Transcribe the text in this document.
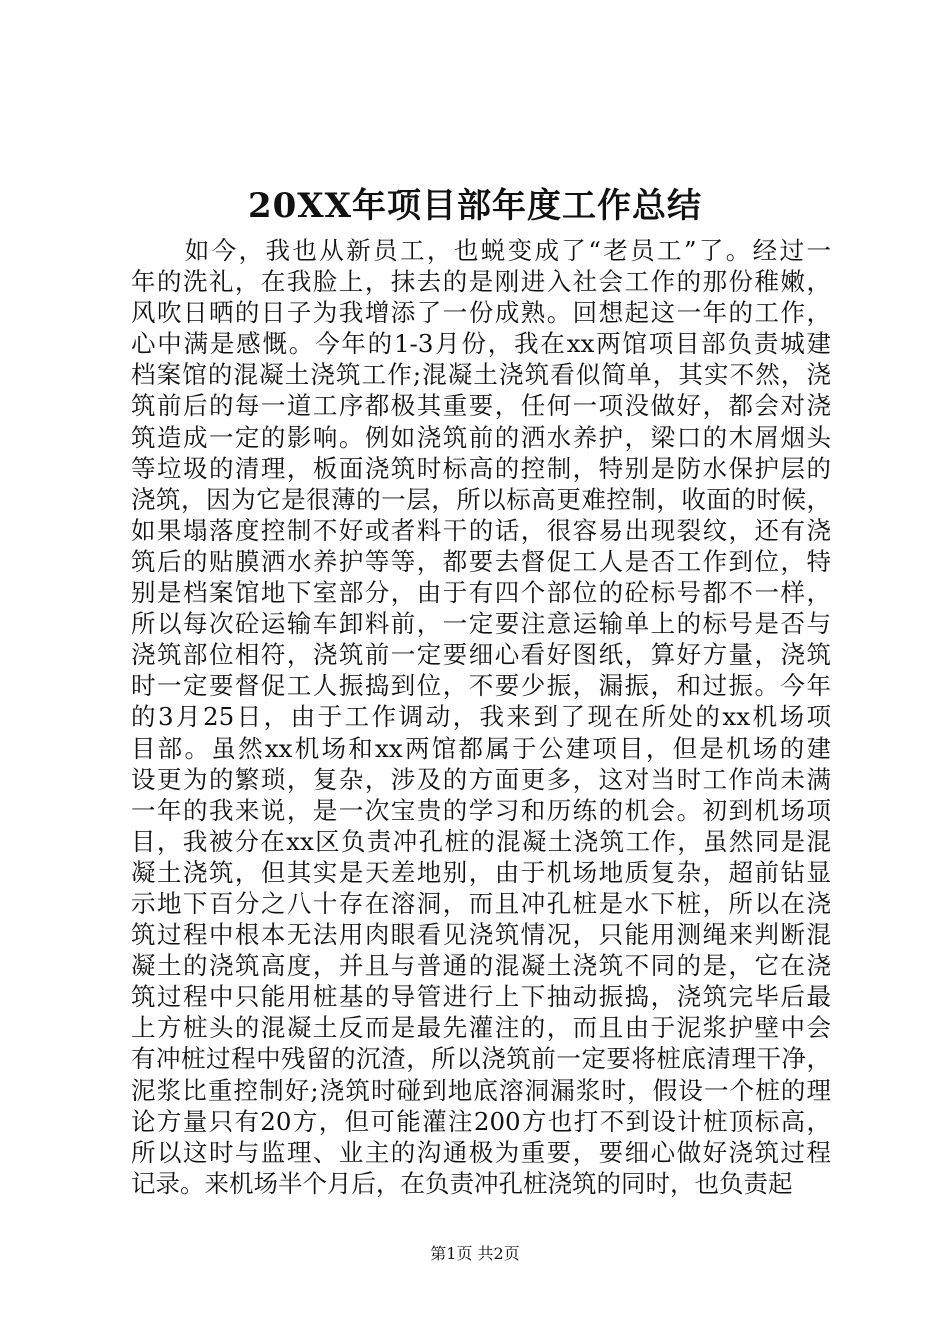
20XX年项目部年度工作总结
　　如今，我也从新员工，也蜕变成了“老员工”了。经过一
年的洗礼，在我脸上，抹去的是刚进入社会工作的那份稚嫩，
风吹日晒的日子为我增添了一份成熟。回想起这一年的工作，
心中满是感慨。今年的1-3月份，我在xx两馆项目部负责城建
档案馆的混凝土浇筑工作;混凝土浇筑看似简单，其实不然，浇
筑前后的每一道工序都极其重要，任何一项没做好，都会对浇
筑造成一定的影响。例如浇筑前的洒水养护，梁口的木屑烟头
等垃圾的清理，板面浇筑时标高的控制，特别是防水保护层的
浇筑，因为它是很薄的一层，所以标高更难控制，收面的时候，
如果塌落度控制不好或者料干的话，很容易出现裂纹，还有浇
筑后的贴膜洒水养护等等，都要去督促工人是否工作到位，特
别是档案馆地下室部分，由于有四个部位的砼标号都不一样，
所以每次砼运输车卸料前，一定要注意运输单上的标号是否与
浇筑部位相符，浇筑前一定要细心看好图纸，算好方量，浇筑
时一定要督促工人振捣到位，不要少振，漏振，和过振。今年
的3月25日，由于工作调动，我来到了现在所处的xx机场项
目部。虽然xx机场和xx两馆都属于公建项目，但是机场的建
设更为的繁琐，复杂，涉及的方面更多，这对当时工作尚未满
一年的我来说，是一次宝贵的学习和历练的机会。初到机场项
目，我被分在xx区负责冲孔桩的混凝土浇筑工作，虽然同是混
凝土浇筑，但其实是天差地别，由于机场地质复杂，超前钻显
示地下百分之八十存在溶洞，而且冲孔桩是水下桩，所以在浇
筑过程中根本无法用肉眼看见浇筑情况，只能用测绳来判断混
凝土的浇筑高度，并且与普通的混凝土浇筑不同的是，它在浇
筑过程中只能用桩基的导管进行上下抽动振捣，浇筑完毕后最
上方桩头的混凝土反而是最先灌注的，而且由于泥浆护壁中会
有冲桩过程中残留的沉渣，所以浇筑前一定要将桩底清理干净，
泥浆比重控制好;浇筑时碰到地底溶洞漏浆时，假设一个桩的理
论方量只有20方，但可能灌注200方也打不到设计桩顶标高，
所以这时与监理、业主的沟通极为重要，要细心做好浇筑过程
记录。来机场半个月后，在负责冲孔桩浇筑的同时，也负责起
第1页 共2页
